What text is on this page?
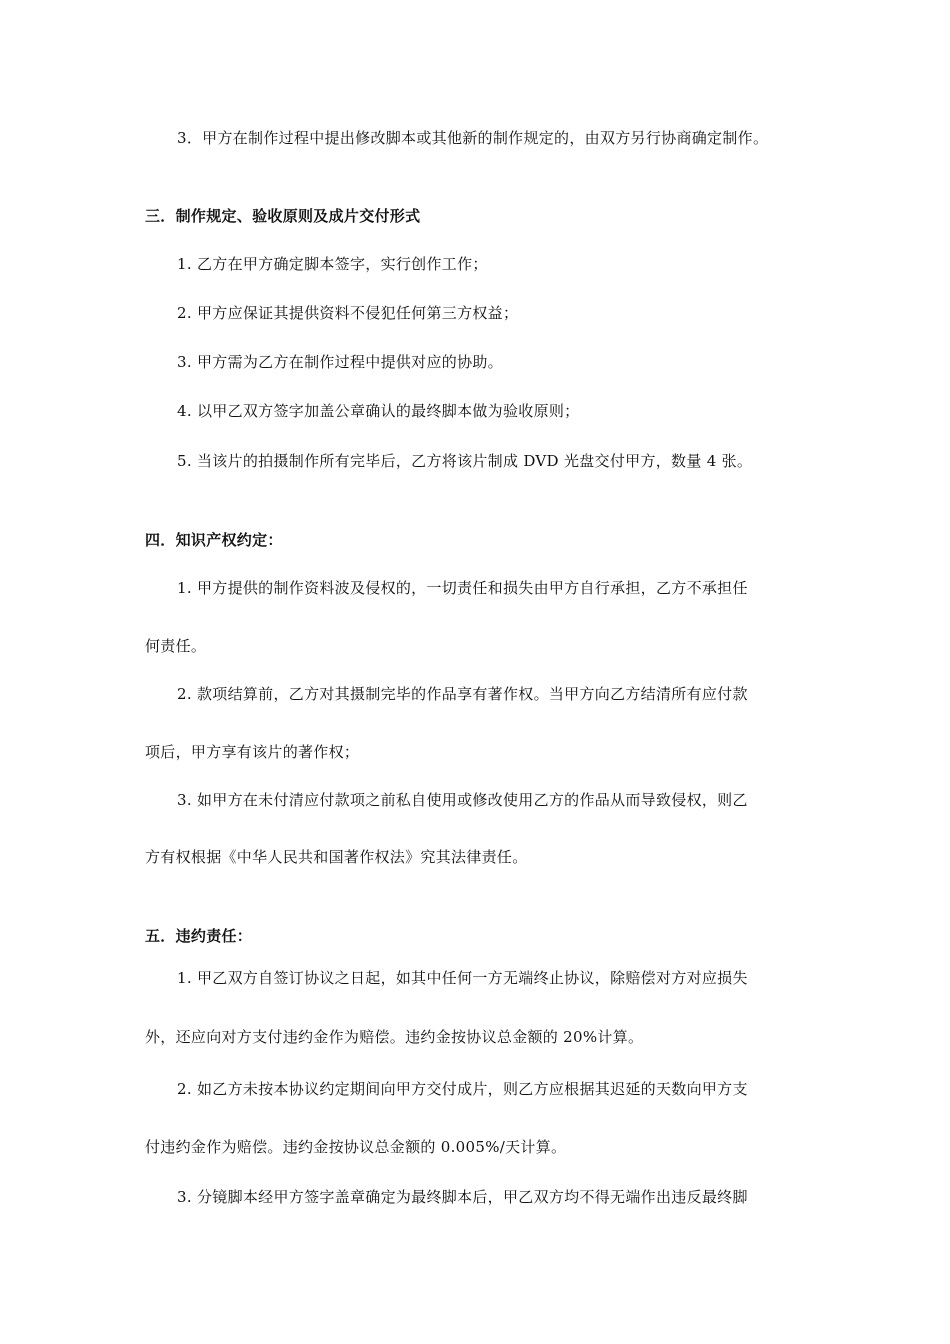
3．甲方在制作过程中提出修改脚本或其他新的制作规定的，由双方另行协商确定制作。
三．制作规定、验收原则及成片交付形式
1. 乙方在甲方确定脚本签字，实行创作工作；
2. 甲方应保证其提供资料不侵犯任何第三方权益；
3. 甲方需为乙方在制作过程中提供对应的协助。
4. 以甲乙双方签字加盖公章确认的最终脚本做为验收原则；
5. 当该片的拍摄制作所有完毕后，乙方将该片制成 DVD 光盘交付甲方，数量 4 张。
四．知识产权约定：
1. 甲方提供的制作资料波及侵权的，一切责任和损失由甲方自行承担，乙方不承担任
何责任。
2. 款项结算前，乙方对其摄制完毕的作品享有著作权。当甲方向乙方结清所有应付款
项后，甲方享有该片的著作权；
3. 如甲方在未付清应付款项之前私自使用或修改使用乙方的作品从而导致侵权，则乙
方有权根据《中华人民共和国著作权法》究其法律责任。
五．违约责任：
1. 甲乙双方自签订协议之日起，如其中任何一方无端终止协议，除赔偿对方对应损失
外，还应向对方支付违约金作为赔偿。违约金按协议总金额的 20%计算。
2. 如乙方未按本协议约定期间向甲方交付成片，则乙方应根据其迟延的天数向甲方支
付违约金作为赔偿。违约金按协议总金额的 0.005%/天计算。
3. 分镜脚本经甲方签字盖章确定为最终脚本后，甲乙双方均不得无端作出违反最终脚
